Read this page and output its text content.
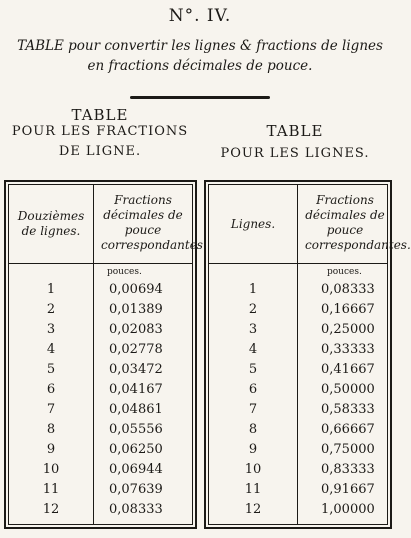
N°. IV.
TABLE pour convertir les lignes & fractions de lignes
en fractions décimales de pouce.
TABLE
POUR LES FRACTIONS
DE LIGNE.
TABLE
POUR LES LIGNES.
Douzièmes de lignes.
Fractions décimales de pouce correspondantes.
pouces.
1	0,00694
2	0,01389
3	0,02083
4	0,02778
5	0,03472
6	0,04167
7	0,04861
8	0,05556
9	0,06250
10	0,06944
11	0,07639
12	0,08333
Lignes.
Fractions décimales de pouce correspondantes.
pouces.
1	0,08333
2	0,16667
3	0,25000
4	0,33333
5	0,41667
6	0,50000
7	0,58333
8	0,66667
9	0,75000
10	0,83333
11	0,91667
12	1,00000
